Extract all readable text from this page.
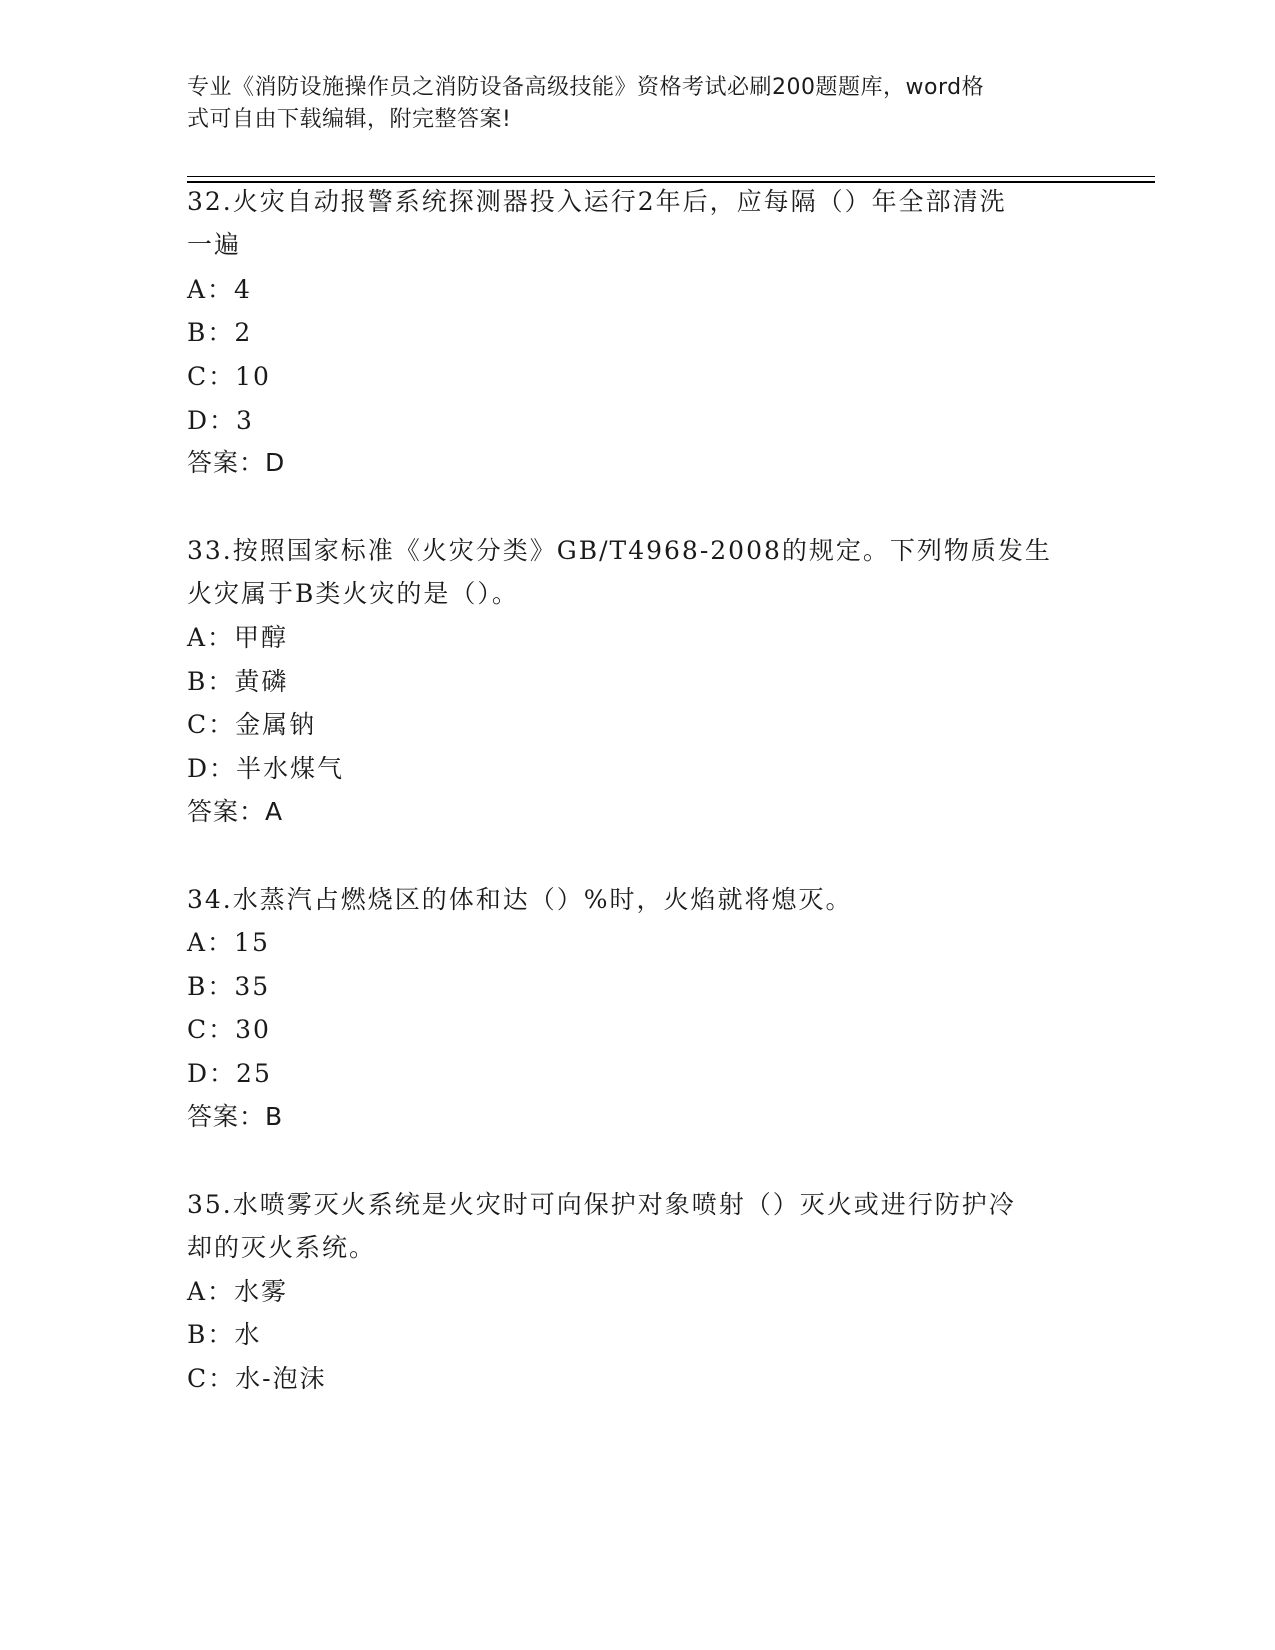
专业《消防设施操作员之消防设备高级技能》资格考试必刷200题题库，word格
式可自由下载编辑，附完整答案!
32.火灾自动报警系统探测器投入运行2年后，应每隔（）年全部清洗
一遍
A：4
B：2
C：10
D：3
答案：D
33.按照国家标准《火灾分类》GB/T4968-2008的规定。下列物质发生
火灾属于B类火灾的是（）。
A：甲醇
B：黄磷
C：金属钠
D：半水煤气
答案：A
34.水蒸汽占燃烧区的体和达（）%时，火焰就将熄灭。
A：15
B：35
C：30
D：25
答案：B
35.水喷雾灭火系统是火灾时可向保护对象喷射（）灭火或进行防护冷
却的灭火系统。
A：水雾
B：水
C：水-泡沫
